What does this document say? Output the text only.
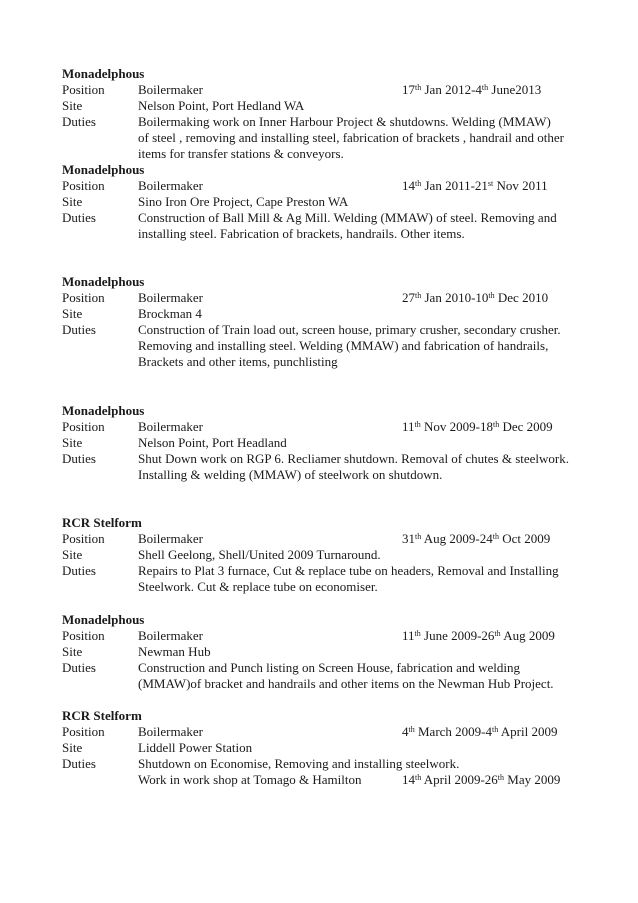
Monadelphous
Position	Boilermaker	17th Jan 2012-4th June2013
Site	Nelson Point, Port Hedland WA
Duties	Boilermaking work on Inner Harbour Project & shutdowns. Welding (MMAW)
of steel , removing and installing steel, fabrication of brackets , handrail and other
items for transfer stations & conveyors.
Monadelphous
Position	Boilermaker	14th Jan 2011-21st Nov 2011
Site	Sino Iron Ore Project, Cape Preston WA
Duties	Construction of Ball Mill & Ag Mill. Welding (MMAW) of steel. Removing and
installing steel. Fabrication of brackets, handrails. Other items.
Monadelphous
Position	Boilermaker	27th Jan 2010-10th Dec 2010
Site	Brockman 4
Duties	Construction of Train load out, screen house, primary crusher, secondary crusher.
Removing and installing steel. Welding (MMAW) and fabrication of handrails,
Brackets and other items, punchlisting
Monadelphous
Position	Boilermaker	11th Nov 2009-18th Dec 2009
Site	Nelson Point, Port Headland
Duties	Shut Down work on RGP 6. Recliamer shutdown. Removal of chutes & steelwork.
Installing & welding (MMAW) of steelwork on shutdown.
RCR Stelform
Position	Boilermaker	31th Aug 2009-24th Oct 2009
Site	Shell Geelong, Shell/United 2009 Turnaround.
Duties	Repairs to Plat 3 furnace, Cut & replace tube on headers, Removal and Installing
Steelwork. Cut & replace tube on economiser.
Monadelphous
Position	Boilermaker	11th June 2009-26th Aug 2009
Site	Newman Hub
Duties	Construction and Punch listing on Screen House, fabrication and welding
(MMAW)of bracket and handrails and other items on the Newman Hub Project.
RCR Stelform
Position	Boilermaker	4th March 2009-4th April 2009
Site	Liddell Power Station
Duties	Shutdown on Economise, Removing and installing steelwork.
Work in work shop at Tomago & Hamilton	14th April 2009-26th May 2009
